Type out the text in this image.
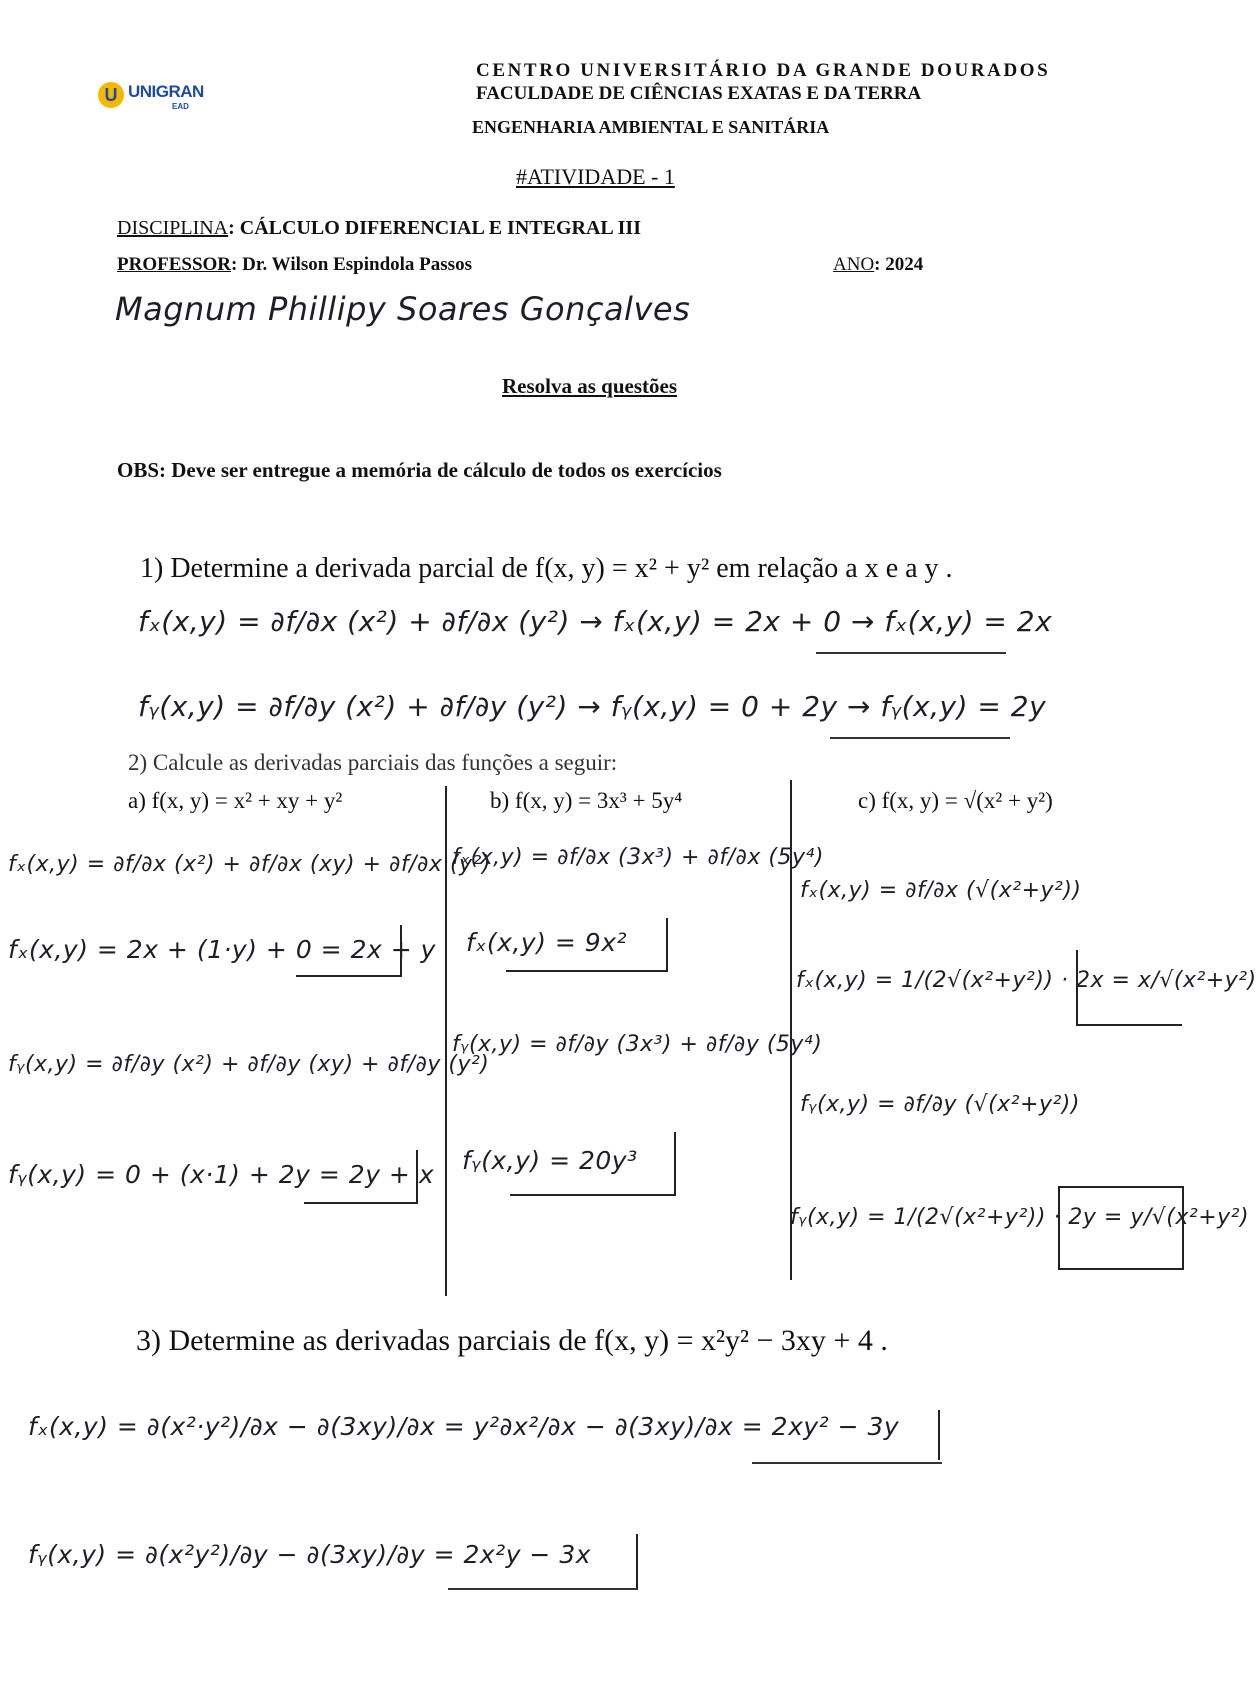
U UNIGRAN
EAD
CENTRO UNIVERSITÁRIO DA GRANDE DOURADOS
FACULDADE DE CIÊNCIAS EXATAS E DA TERRA
ENGENHARIA AMBIENTAL E SANITÁRIA
#ATIVIDADE - 1
DISCIPLINA: CÁLCULO DIFERENCIAL E INTEGRAL III
PROFESSOR: Dr. Wilson Espindola Passos	ANO: 2024
Magnum Phillipy Soares Gonçalves
Resolva as questões
OBS: Deve ser entregue a memória de cálculo de todos os exercícios
1) Determine a derivada parcial de f(x, y) = x² + y² em relação a x e a y .
fₓ(x,y) = ∂f/∂x (x²) + ∂f/∂x (y²) → fₓ(x,y) = 2x + 0 → fₓ(x,y) = 2x
fᵧ(x,y) = ∂f/∂y (x²) + ∂f/∂y (y²) → fᵧ(x,y) = 0 + 2y → fᵧ(x,y) = 2y
2) Calcule as derivadas parciais das funções a seguir:
a) f(x, y) = x² + xy + y²	b) f(x, y) = 3x³ + 5y⁴	c) f(x, y) = √(x² + y²)
fₓ(x,y) = ∂f/∂x (x²) + ∂f/∂x (xy) + ∂f/∂x (y²)
fₓ(x,y) = 2x + (1·y) + 0 = 2x + y
fᵧ(x,y) = ∂f/∂y (x²) + ∂f/∂y (xy) + ∂f/∂y (y²)
fᵧ(x,y) = 0 + (x·1) + 2y = 2y + x
fₓ(x,y) = ∂f/∂x (3x³) + ∂f/∂x (5y⁴)
fₓ(x,y) = 9x²
fᵧ(x,y) = ∂f/∂y (3x³) + ∂f/∂y (5y⁴)
fᵧ(x,y) = 20y³
fₓ(x,y) = ∂f/∂x (√(x²+y²))
fₓ(x,y) = 1/(2√(x²+y²)) · 2x = x/√(x²+y²)
fᵧ(x,y) = ∂f/∂y (√(x²+y²))
fᵧ(x,y) = 1/(2√(x²+y²)) · 2y = y/√(x²+y²)
3) Determine as derivadas parciais de f(x, y) = x²y² − 3xy + 4 .
fₓ(x,y) = ∂(x²·y²)/∂x − ∂(3xy)/∂x = y²∂x²/∂x − ∂(3xy)/∂x = 2xy² − 3y
fᵧ(x,y) = ∂(x²y²)/∂y − ∂(3xy)/∂y = 2x²y − 3x
